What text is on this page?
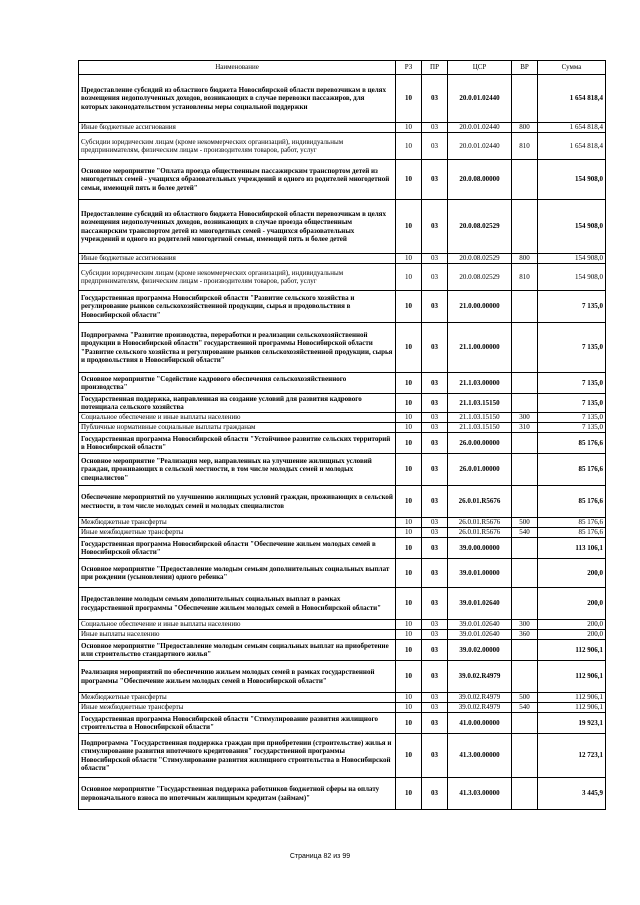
Наименование	РЗ	ПР	ЦСР	ВР	Сумма
Предоставление субсидий из областного бюджета Новосибирской области перевозчикам в целях возмещения недополученных доходов, возникающих в случае перевозки пассажиров, для которых законодательством установлены меры социальной поддержки	10	03	20.0.01.02440		1 654 818,4
Иные бюджетные ассигнования	10	03	20.0.01.02440	800	1 654 818,4
Субсидии юридическим лицам (кроме некоммерческих организаций), индивидуальным предпринимателям, физическим лицам - производителям товаров, работ, услуг	10	03	20.0.01.02440	810	1 654 818,4
Основное мероприятие "Оплата проезда общественным пассажирским транспортом детей из многодетных семей - учащихся образовательных учреждений и одного из родителей многодетной семьи, имеющей пять и более детей"	10	03	20.0.08.00000		154 908,0
Предоставление субсидий из областного бюджета Новосибирской области перевозчикам в целях возмещения недополученных доходов, возникающих в случае проезда общественным пассажирским транспортом детей из многодетных семей - учащихся образовательных учреждений и одного из родителей многодетной семьи, имеющей пять и более детей	10	03	20.0.08.02529		154 908,0
Иные бюджетные ассигнования	10	03	20.0.08.02529	800	154 908,0
Субсидии юридическим лицам (кроме некоммерческих организаций), индивидуальным предпринимателям, физическим лицам - производителям товаров, работ, услуг	10	03	20.0.08.02529	810	154 908,0
Государственная программа Новосибирской области "Развитие сельского хозяйства и регулирование рынков сельскохозяйственной продукции, сырья и продовольствия в Новосибирской области"	10	03	21.0.00.00000		7 135,0
Подпрограмма "Развитие производства, переработки и реализации сельскохозяйственной продукции в Новосибирской области" государственной программы Новосибирской области "Развитие сельского хозяйства и регулирование рынков сельскохозяйственной продукции, сырья и продовольствия в Новосибирской области"	10	03	21.1.00.00000		7 135,0
Основное мероприятие "Содействие кадрового обеспечения сельскохозяйственного производства"	10	03	21.1.03.00000		7 135,0
Государственная поддержка, направленная на создание условий для развития кадрового потенциала сельского хозяйства	10	03	21.1.03.15150		7 135,0
Социальное обеспечение и иные выплаты населению	10	03	21.1.03.15150	300	7 135,0
Публичные нормативные социальные выплаты гражданам	10	03	21.1.03.15150	310	7 135,0
Государственная программа Новосибирской области "Устойчивое развитие сельских территорий в Новосибирской области"	10	03	26.0.00.00000		85 176,6
Основное мероприятие "Реализация мер, направленных на улучшение жилищных условий граждан, проживающих в сельской местности, в том числе молодых семей и молодых специалистов"	10	03	26.0.01.00000		85 176,6
Обеспечение мероприятий по улучшению жилищных условий граждан, проживающих в сельской местности, в том числе молодых семей и молодых специалистов	10	03	26.0.01.R5676		85 176,6
Межбюджетные трансферты	10	03	26.0.01.R5676	500	85 176,6
Иные межбюджетные трансферты	10	03	26.0.01.R5676	540	85 176,6
Государственная программа Новосибирской области "Обеспечение жильем молодых семей в Новосибирской области"	10	03	39.0.00.00000		113 106,1
Основное мероприятие "Предоставление молодым семьям дополнительных социальных выплат при рождении (усыновлении) одного ребенка"	10	03	39.0.01.00000		200,0
Предоставление молодым семьям дополнительных социальных выплат в рамках государственной программы "Обеспечение жильем молодых семей в Новосибирской области"	10	03	39.0.01.02640		200,0
Социальное обеспечение и иные выплаты населению	10	03	39.0.01.02640	300	200,0
Иные выплаты населению	10	03	39.0.01.02640	360	200,0
Основное мероприятие "Предоставление молодым семьям социальных выплат на приобретение или строительство стандартного жилья"	10	03	39.0.02.00000		112 906,1
Реализация мероприятий по обеспечению жильем молодых семей в рамках государственной программы "Обеспечение жильем молодых семей в Новосибирской области"	10	03	39.0.02.R4979		112 906,1
Межбюджетные трансферты	10	03	39.0.02.R4979	500	112 906,1
Иные межбюджетные трансферты	10	03	39.0.02.R4979	540	112 906,1
Государственная программа Новосибирской области "Стимулирование развития жилищного строительства в Новосибирской области"	10	03	41.0.00.00000		19 923,1
Подпрограмма "Государственная поддержка граждан при приобретении (строительстве) жилья и стимулирование развития ипотечного кредитования" государственной программы Новосибирской области "Стимулирование развития жилищного строительства в Новосибирской области"	10	03	41.3.00.00000		12 723,1
Основное мероприятие "Государственная поддержка работников бюджетной сферы на оплату первоначального взноса по ипотечным жилищным кредитам (займам)"	10	03	41.3.03.00000		3 445,9
Страница 82 из 99
